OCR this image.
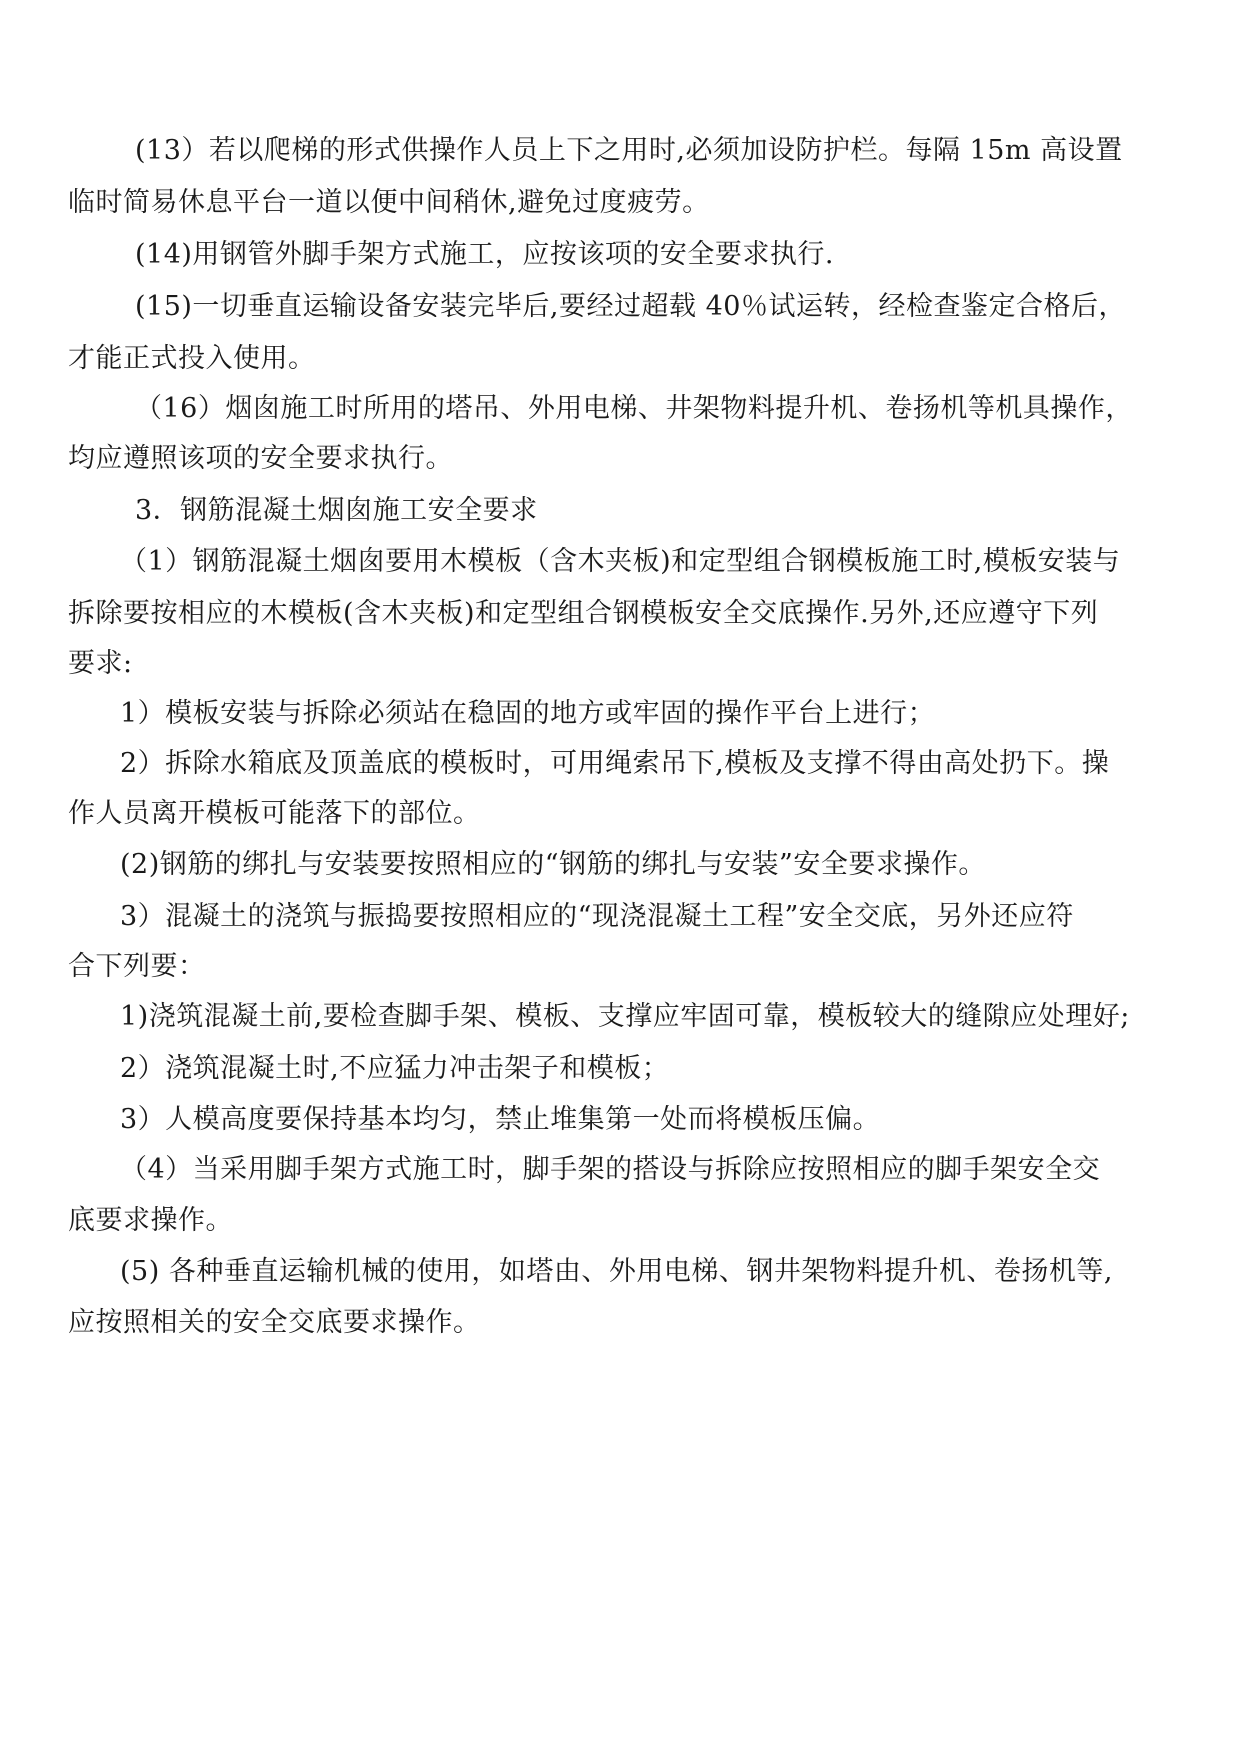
(13）若以爬梯的形式供操作人员上下之用时,必须加设防护栏。每隔 15m 高设置
临时简易休息平台一道以便中间稍休,避免过度疲劳。
(14)用钢管外脚手架方式施工，应按该项的安全要求执行.
(15)一切垂直运输设备安装完毕后,要经过超载 40％试运转，经检查鉴定合格后，
才能正式投入使用。
（16）烟囱施工时所用的塔吊、外用电梯、井架物料提升机、卷扬机等机具操作，
均应遵照该项的安全要求执行。
3．钢筋混凝土烟囱施工安全要求
（1）钢筋混凝土烟囱要用木模板（含木夹板)和定型组合钢模板施工时,模板安装与
拆除要按相应的木模板(含木夹板)和定型组合钢模板安全交底操作.另外,还应遵守下列
要求:
1）模板安装与拆除必须站在稳固的地方或牢固的操作平台上进行；
2）拆除水箱底及顶盖底的模板时，可用绳索吊下,模板及支撑不得由高处扔下。操
作人员离开模板可能落下的部位。
(2)钢筋的绑扎与安装要按照相应的“钢筋的绑扎与安装”安全要求操作。
3）混凝土的浇筑与振捣要按照相应的“现浇混凝土工程”安全交底，另外还应符
合下列要：
1)浇筑混凝土前,要检查脚手架、模板、支撑应牢固可靠，模板较大的缝隙应处理好;
2）浇筑混凝土时,不应猛力冲击架子和模板；
3）人模高度要保持基本均匀，禁止堆集第一处而将模板压偏。
（4）当采用脚手架方式施工时，脚手架的搭设与拆除应按照相应的脚手架安全交
底要求操作。
(5) 各种垂直运输机械的使用，如塔由、外用电梯、钢井架物料提升机、卷扬机等,
应按照相关的安全交底要求操作。
